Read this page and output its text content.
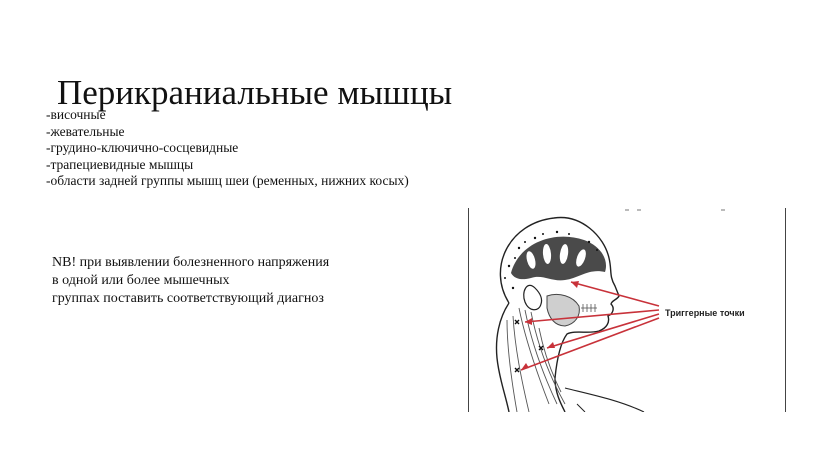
Перикраниальные мышцы
-височные
-жевательные
-грудино-ключично-сосцевидные
-трапециевидные мышцы
-области задней группы мышц шеи (ременных, нижних косых)
NB! при выявлении болезненного напряжения
в одной или более мышечных
группах поставить соответствующий диагноз
Триггерные точки
